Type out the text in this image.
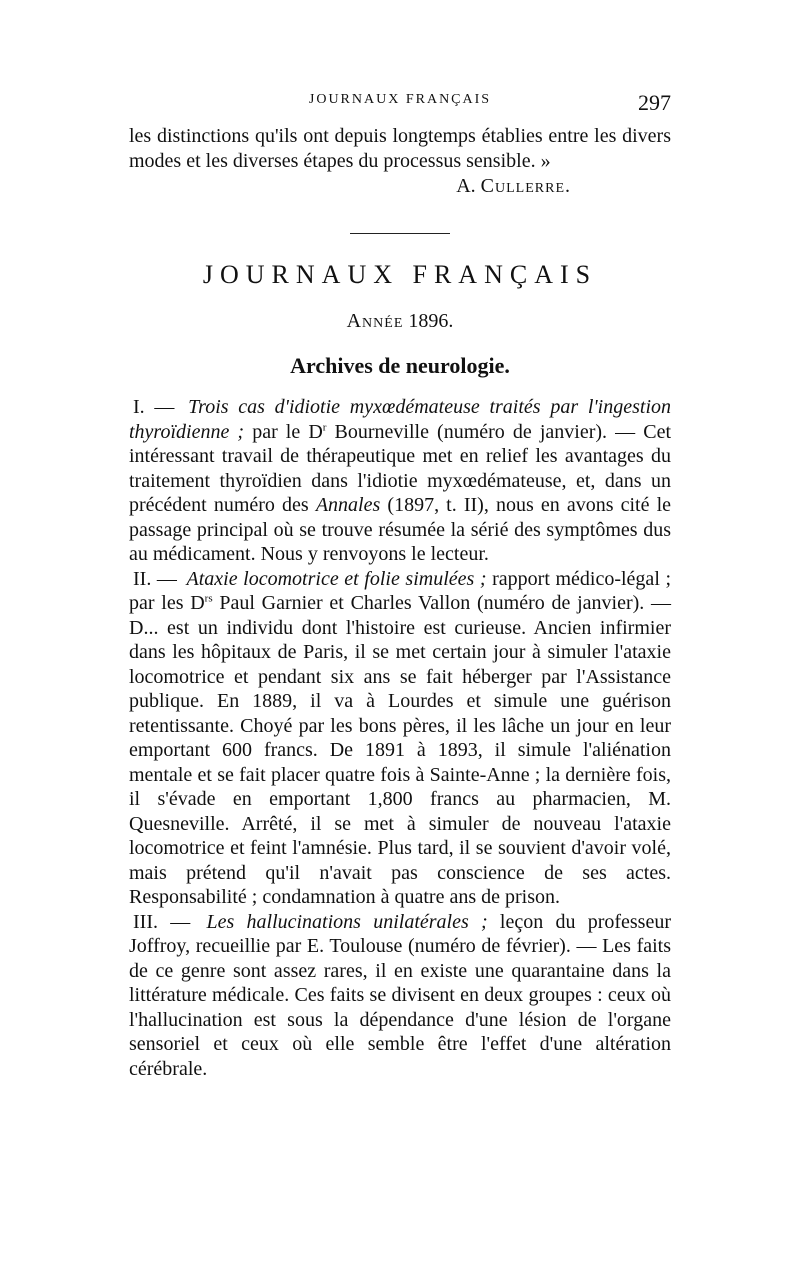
JOURNAUX FRANÇAIS	297

les distinctions qu'ils ont depuis longtemps établies entre les divers modes et les diverses étapes du processus sensible. »

A. Cullerre.
JOURNAUX FRANÇAIS
Année 1896.
Archives de neurologie.

I. — Trois cas d'idiotie myxœdémateuse traités par l'ingestion thyroïdienne ; par le $D^r$ Bourneville (numéro de janvier). — Cet intéressant travail de thérapeutique met en relief les avantages du traitement thyroïdien dans l'idiotie myxœdémateuse, et, dans un précédent numéro des Annales (1897, t. II), nous en avons cité le passage principal où se trouve résumée la sérié des symptômes dus au médicament. Nous y renvoyons le lecteur.

II. — Ataxie locomotrice et folie simulées ; rapport médico-légal ; par les $D^{rs}$ Paul Garnier et Charles Vallon (numéro de janvier). — D... est un individu dont l'histoire est curieuse. Ancien infirmier dans les hôpitaux de Paris, il se met certain jour à simuler l'ataxie locomotrice et pendant six ans se fait héberger par l'Assistance publique. En 1889, il va à Lourdes et simule une guérison retentissante. Choyé par les bons pères, il les lâche un jour en leur emportant 600 francs. De 1891 à 1893, il simule l'aliénation mentale et se fait placer quatre fois à Sainte-Anne ; la dernière fois, il s'évade en emportant 1,800 francs au pharmacien, M. Quesneville. Arrêté, il se met à simuler de nouveau l'ataxie locomotrice et feint l'amnésie. Plus tard, il se souvient d'avoir volé, mais prétend qu'il n'avait pas conscience de ses actes. Responsabilité ; condamnation à quatre ans de prison.

III. — Les hallucinations unilatérales ; leçon du professeur Joffroy, recueillie par E. Toulouse (numéro de février). — Les faits de ce genre sont assez rares, il en existe une quarantaine dans la littérature médicale. Ces faits se divisent en deux groupes : ceux où l'hallucination est sous la dépendance d'une lésion de l'organe sensoriel et ceux où elle semble être l'effet d'une altération cérébrale.
